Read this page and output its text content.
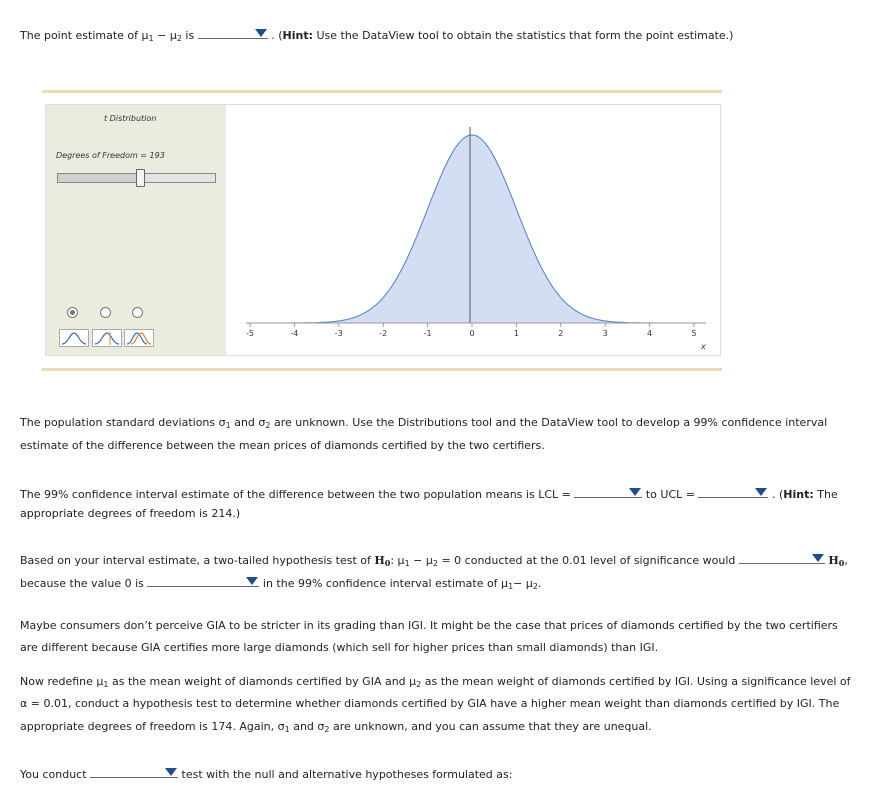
The point estimate of $\mu_1 - \mu_2$ is	. (Hint: Use the DataView tool to obtain the statistics that form the point estimate.)
t Distribution
Degrees of Freedom = 193
-5	-4	-3	-2	-1	0	1	2	3	4	5
x
The population standard deviations $\sigma_1$ and $\sigma_2$ are unknown. Use the Distributions tool and the DataView tool to develop a 99% confidence interval
estimate of the difference between the mean prices of diamonds certified by the two certifiers.
The 99% confidence interval estimate of the difference between the two population means is LCL =	to UCL =	. (Hint: The
appropriate degrees of freedom is 214.)
Based on your interval estimate, a two-tailed hypothesis test of $H_0$: $\mu_1 - \mu_2 = 0$ conducted at the 0.01 level of significance would	$H_0$,
because the value 0 is	in the 99% confidence interval estimate of $\mu_1- \mu_2$.
Maybe consumers don’t perceive GIA to be stricter in its grading than IGI. It might be the case that prices of diamonds certified by the two certifiers
are different because GIA certifies more large diamonds (which sell for higher prices than small diamonds) than IGI.
Now redefine $\mu_1$ as the mean weight of diamonds certified by GIA and $\mu_2$ as the mean weight of diamonds certified by IGI. Using a significance level of
α = 0.01, conduct a hypothesis test to determine whether diamonds certified by GIA have a higher mean weight than diamonds certified by IGI. The
appropriate degrees of freedom is 174. Again, $\sigma_1$ and $\sigma_2$ are unknown, and you can assume that they are unequal.
You conduct	test with the null and alternative hypotheses formulated as:
